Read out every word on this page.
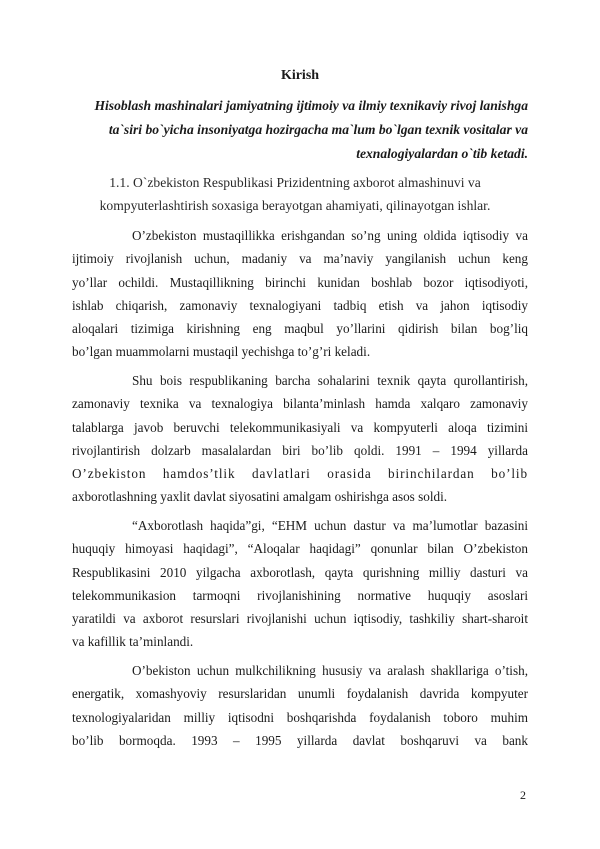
Kirish

Hisoblash mashinalari jamiyatning ijtimoiy va ilmiy texnikaviy rivoj lanishga
ta`siri bo`yicha insoniyatga hozirgacha ma`lum bo`lgan texnik vositalar va
texnalogiyalardan o`tib ketadi.

1.1. O`zbekiston Respublikasi Prizidentning axborot almashinuvi va
kompyuterlashtirish soxasiga berayotgan ahamiyati, qilinayotgan ishlar.

O’zbekiston mustaqillikka erishgandan so’ng uning oldida iqtisodiy va
ijtimoiy rivojlanish uchun, madaniy va ma’naviy yangilanish uchun keng
yo’llar ochildi. Mustaqillikning birinchi kunidan boshlab bozor iqtisodiyoti,
ishlab chiqarish, zamonaviy texnalogiyani tadbiq etish va jahon iqtisodiy
aloqalari tizimiga kirishning eng maqbul yo’llarini qidirish bilan bog’liq
bo’lgan muammolarni mustaqil yechishga to’g’ri keladi.

Shu bois respublikaning barcha sohalarini texnik qayta qurollantirish,
zamonaviy texnika va texnalogiya bilanta’minlash hamda xalqaro zamonaviy
talablarga javob beruvchi telekommunikasiyali va kompyuterli aloqa tizimini
rivojlantirish dolzarb masalalardan biri bo’lib qoldi. 1991 – 1994 yillarda
O’zbekiston hamdos’tlik davlatlari orasida birinchilardan bo’lib
axborotlashning yaxlit davlat siyosatini amalgam oshirishga asos soldi.

“Axborotlash haqida”gi, “EHM uchun dastur va ma’lumotlar bazasini
huquqiy himoyasi haqidagi”, “Aloqalar haqidagi” qonunlar bilan O’zbekiston
Respublikasini 2010 yilgacha axborotlash, qayta qurishning milliy dasturi va
telekommunikasion tarmoqni rivojlanishining normative huquqiy asoslari
yaratildi va axborot resurslari rivojlanishi uchun iqtisodiy, tashkiliy shart-sharoit
va kafillik ta’minlandi.

O’bekiston uchun mulkchilikning hususiy va aralash shakllariga o’tish,
energatik, xomashyoviy resurslaridan unumli foydalanish davrida kompyuter
texnologiyalaridan milliy iqtisodni boshqarishda foydalanish toboro muhim
bo’lib bormoqda. 1993 – 1995 yillarda davlat boshqaruvi va bank

2
